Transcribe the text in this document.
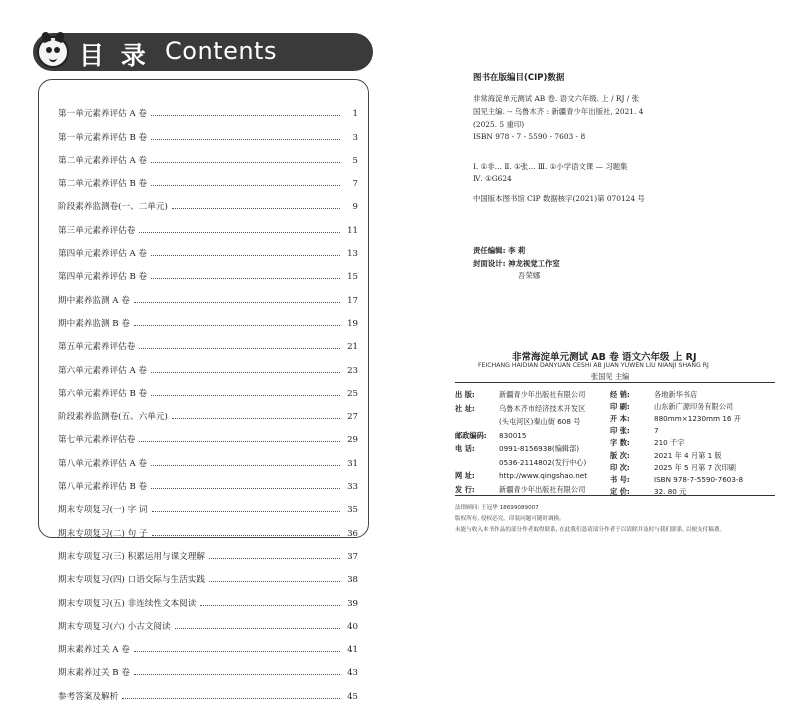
目 录 Contents
第一单元素养评估 A 卷	1
第一单元素养评估 B 卷	3
第二单元素养评估 A 卷	5
第二单元素养评估 B 卷	7
阶段素养监测卷(一、二单元)	9
第三单元素养评估卷	11
第四单元素养评估 A 卷	13
第四单元素养评估 B 卷	15
期中素养监测 A 卷	17
期中素养监测 B 卷	19
第五单元素养评估卷	21
第六单元素养评估 A 卷	23
第六单元素养评估 B 卷	25
阶段素养监测卷(五、六单元)	27
第七单元素养评估卷	29
第八单元素养评估 A 卷	31
第八单元素养评估 B 卷	33
期末专项复习(一) 字 词	35
期末专项复习(二) 句 子	36
期末专项复习(三) 积累运用与课文理解	37
期末专项复习(四) 口语交际与生活实践	38
期末专项复习(五) 非连续性文本阅读	39
期末专项复习(六) 小古文阅读	40
期末素养过关 A 卷	41
期末素养过关 B 卷	43
参考答案及解析	45
图书在版编目(CIP)数据
非常海淀单元测试 AB 卷. 语文六年级. 上 / RJ / 张
国见主编. -- 乌鲁木齐 : 新疆青少年出版社, 2021. 4
(2025. 5 重印)
ISBN 978 - 7 - 5590 - 7603 - 8
Ⅰ. ①非… Ⅱ. ①张… Ⅲ. ①小学语文课 — 习题集
Ⅳ. ①G624
中国版本图书馆 CIP 数据核字(2021)第 070124 号
责任编辑: 李 莉
封面设计: 神龙视觉工作室
吾荣娜
非常海淀单元测试 AB 卷 语文六年级 上 RJ
FEICHANG HAIDIAN DANYUAN CESHI AB JUAN YUWEN LIU NIANJI SHANG RJ
张国见 主编
出 版:	新疆青少年出版社有限公司
社 址:	乌鲁木齐市经济技术开发区
(头屯河区)秦山街 608 号
邮政编码: 830015
电 话:	0991-8156938(编辑部)
0536-2114802(发行中心)
网 址:	http://www.qingshao.net
发 行:	新疆青少年出版社有限公司
经 销:	各地新华书店
印 刷:	山东新广源印务有限公司
开 本:	880mm×1230mm 16 开
印 张:	7
字 数:	210 千字
版 次:	2021 年 4 月第 1 版
印 次:	2025 年 5 月第 7 次印刷
书 号:	ISBN 978-7-5590-7603-8
定 价:	32. 80 元
法律顾问: 王冠华 18699089007
版权所有, 侵权必究。印装问题可随时调换。
未能与收入本书作品的部分作者取得联系, 在此我们恳请部分作者于以请除并及时与我们联系, 以便支付稿费。
